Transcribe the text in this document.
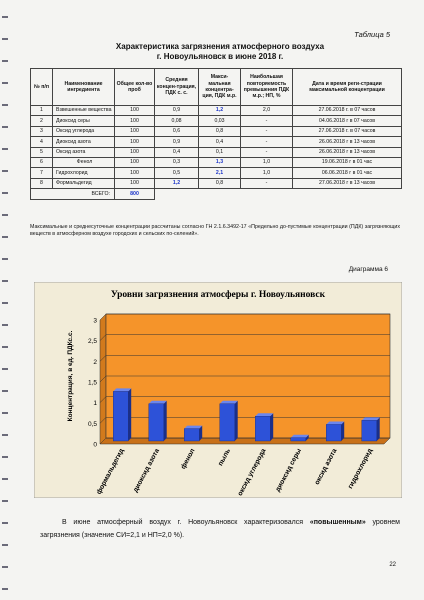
Таблица 5
Характеристика загрязнения атмосферного воздуха
г. Новоульяновск в июне 2018 г.
№ п/п	Наименование ингредиента	Общее кол-во проб	Средняя концен-трация, ПДК с. с.	Макси-мальная концентра-ция, ПДК м.р.	Наибольшая повторяемость превышения ПДК м.р.; НП, %	Дата и время реги-страции максимальной концентрации
1	Взвешенные вещества	100	0,9	1,2	2,0	27.06.2018 г. в 07 часов
2	Диоксид серы	100	0,08	0,03	-	04.06.2018 г в 07 часов
3	Оксид углерода	100	0,6	0,8	-	27.06.2018 г. в 07 часов
4	Диоксид азота	100	0,9	0,4	-	26.06.2018 г в 13 часов
5	Оксид азота	100	0,4	0,1	-	26.06.2018 г в 13 часов
6	Фенол	100	0,3	1,3	1,0	19.06.2018 г в 01 час
7	Гидрохлорид	100	0,5	2,1	1,0	06.06.2018 г в 01 час
8	Формальдегид	100	1,2	0,8	-	27.06.2018 г в 13 часов
ВСЕГО:		800				
Максимальные и среднесуточные концентрации рассчитаны согласно ГН 2.1.6.3492-17 «Предельно до-пустимые концентрации (ПДК) загрязняющих веществ в атмосферном воздухе городских и сельских по-селений».
Диаграмма 6
Уровни загрязнения атмосферы г. Новоульяновск
0
0,5
1
1,5
2
2,5
3
Концентрация, в ед. ПДКс.с.
формальдегид диоксид азота	фенол	пыль оксид углерода диоксид серы оксид азота гидрохлорид
В июне атмосферный воздух г. Новоульяновск характеризовался «повышенным» уровнем загрязнения (значение СИ=2,1 и НП=2,0 %).
22
